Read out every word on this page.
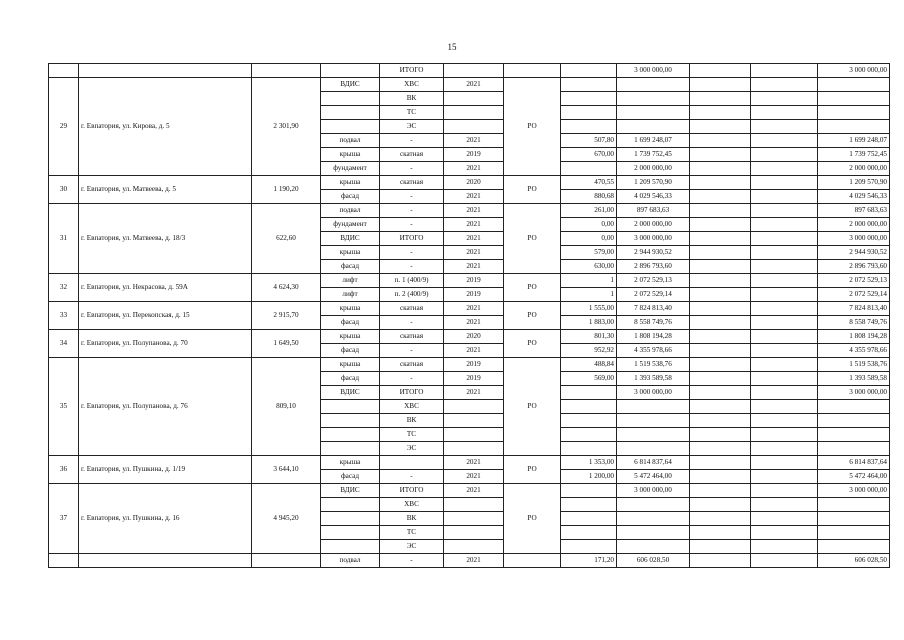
15
				ИТОГО				3 000 000,00			3 000 000,00
29	г. Евпатория, ул. Кирова, д. 5	2 301,90	ВДИС	ХВС	2021	РО					
				ВК							
				ТС							
				ЭС							
			подвал	-	2021		507,80	1 699 248,07			1 699 248,07
			крыша	скатная	2019		670,00	1 739 752,45			1 739 752,45
			фундамент	-	2021			2 000 000,00			2 000 000,00
30	г. Евпатория, ул. Матвеева, д. 5	1 190,20	крыша	скатная	2020	РО	470,55	1 209 570,90			1 209 570,90
			фасад	-	2021		880,68	4 029 546,33			4 029 546,33
31	г. Евпатория, ул. Матвеева, д. 18/3	622,60	подвал	-	2021	РО	261,00	897 683,63			897 683,63
			фундамент	-	2021		0,00	2 000 000,00			2 000 000,00
			ВДИС	ИТОГО	2021		0,00	3 000 000,00			3 000 000,00
			крыша	-	2021		579,00	2 944 930,52			2 944 930,52
			фасад	-	2021		630,00	2 896 793,60			2 896 793,60
32	г. Евпатория, ул. Некрасова, д. 59А	4 624,30	лифт	п. 1 (400/9)	2019	РО	1	2 072 529,13			2 072 529,13
			лифт	п. 2 (400/9)	2019		1	2 072 529,14			2 072 529,14
33	г. Евпатория, ул. Перекопская, д. 15	2 915,70	крыша	скатная	2021	РО	1 555,00	7 824 813,40			7 824 813,40
			фасад	-	2021		1 883,00	8 558 749,76			8 558 749,76
34	г. Евпатория, ул. Полупанова, д. 70	1 649,50	крыша	скатная	2020	РО	801,30	1 808 194,28			1 808 194,28
			фасад	-	2021		952,92	4 355 978,66			4 355 978,66
35	г. Евпатория, ул. Полупанова, д. 76	809,10	крыша	скатная	2019	РО	488,84	1 519 538,76			1 519 538,76
			фасад	-	2019		569,00	1 393 589,58			1 393 589,58
			ВДИС	ИТОГО	2021			3 000 000,00			3 000 000,00
				ХВС							
				ВК							
				ТС							
				ЭС							
36	г. Евпатория, ул. Пушкина, д. 1/19	3 644,10	крыша		2021	РО	1 353,00	6 814 837,64			6 814 837,64
			фасад	-	2021		1 200,00	5 472 464,00			5 472 464,00
37	г. Евпатория, ул. Пушкина, д. 16	4 945,20	ВДИС	ИТОГО	2021	РО		3 000 000,00			3 000 000,00
				ХВС							
				ВК							
				ТС							
				ЭС							
			подвал	-	2021		171,20	606 028,50			606 028,50
